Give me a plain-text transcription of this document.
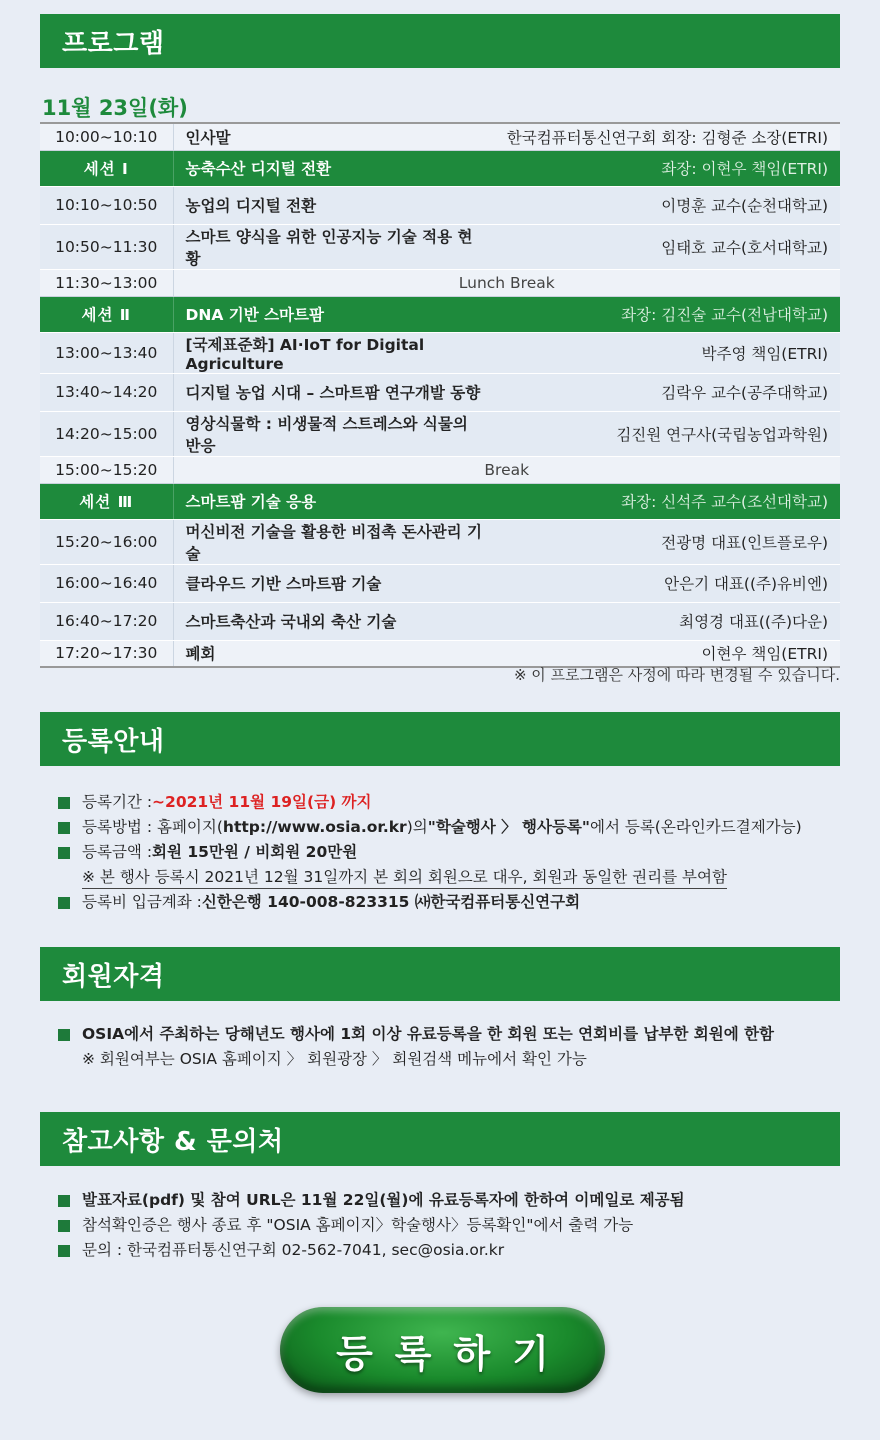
프로그램
11월 23일(화)
10:00~10:10	인사말	한국컴퓨터통신연구회 회장: 김형준 소장(ETRI)
세션 Ⅰ	농축수산 디지털 전환	좌장: 이현우 책임(ETRI)
10:10~10:50	농업의 디지털 전환	이명훈 교수(순천대학교)
10:50~11:30	스마트 양식을 위한 인공지능 기술 적용 현황	임태호 교수(호서대학교)
11:30~13:00	Lunch Break	
세션 Ⅱ	DNA 기반 스마트팜	좌장: 김진술 교수(전남대학교)
13:00~13:40	[국제표준화] AI·IoT for Digital Agriculture	박주영 책임(ETRI)
13:40~14:20	디지털 농업 시대 – 스마트팜 연구개발 동향	김락우 교수(공주대학교)
14:20~15:00	영상식물학 : 비생물적 스트레스와 식물의 반응	김진원 연구사(국립농업과학원)
15:00~15:20	Break	
세션 Ⅲ	스마트팜 기술 응용	좌장: 신석주 교수(조선대학교)
15:20~16:00	머신비전 기술을 활용한 비접촉 돈사관리 기술	전광명 대표(인트플로우)
16:00~16:40	클라우드 기반 스마트팜 기술	안은기 대표((주)유비엔)
16:40~17:20	스마트축산과 국내외 축산 기술	최영경 대표((주)다운)
17:20~17:30	폐회	이현우 책임(ETRI)
※ 이 프로그램은 사정에 따라 변경될 수 있습니다.
등록안내
등록기간 : ~2021년 11월 19일(금) 까지
등록방법 : 홈페이지( http://www.osia.or.kr )의 "학술행사 〉 행사등록" 에서 등록(온라인카드결제가능)
등록금액 : 회원 15만원 / 비회원 20만원
※ 본 행사 등록시 2021년 12월 31일까지 본 회의 회원으로 대우, 회원과 동일한 권리를 부여함
등록비 입금계좌 : 신한은행 140-008-823315 ㈔한국컴퓨터통신연구회
회원자격
OSIA에서 주최하는 당해년도 행사에 1회 이상 유료등록을 한 회원 또는 연회비를 납부한 회원에 한함
※ 회원여부는 OSIA 홈페이지 〉 회원광장 〉 회원검색 메뉴에서 확인 가능
참고사항 & 문의처
발표자료(pdf) 및 참여 URL은 11월 22일(월)에 유료등록자에 한하여 이메일로 제공됨
참석확인증은 행사 종료 후 "OSIA 홈페이지〉학술행사〉등록확인"에서 출력 가능
문의 : 한국컴퓨터통신연구회 02-562-7041, sec@osia.or.kr
등록하기
